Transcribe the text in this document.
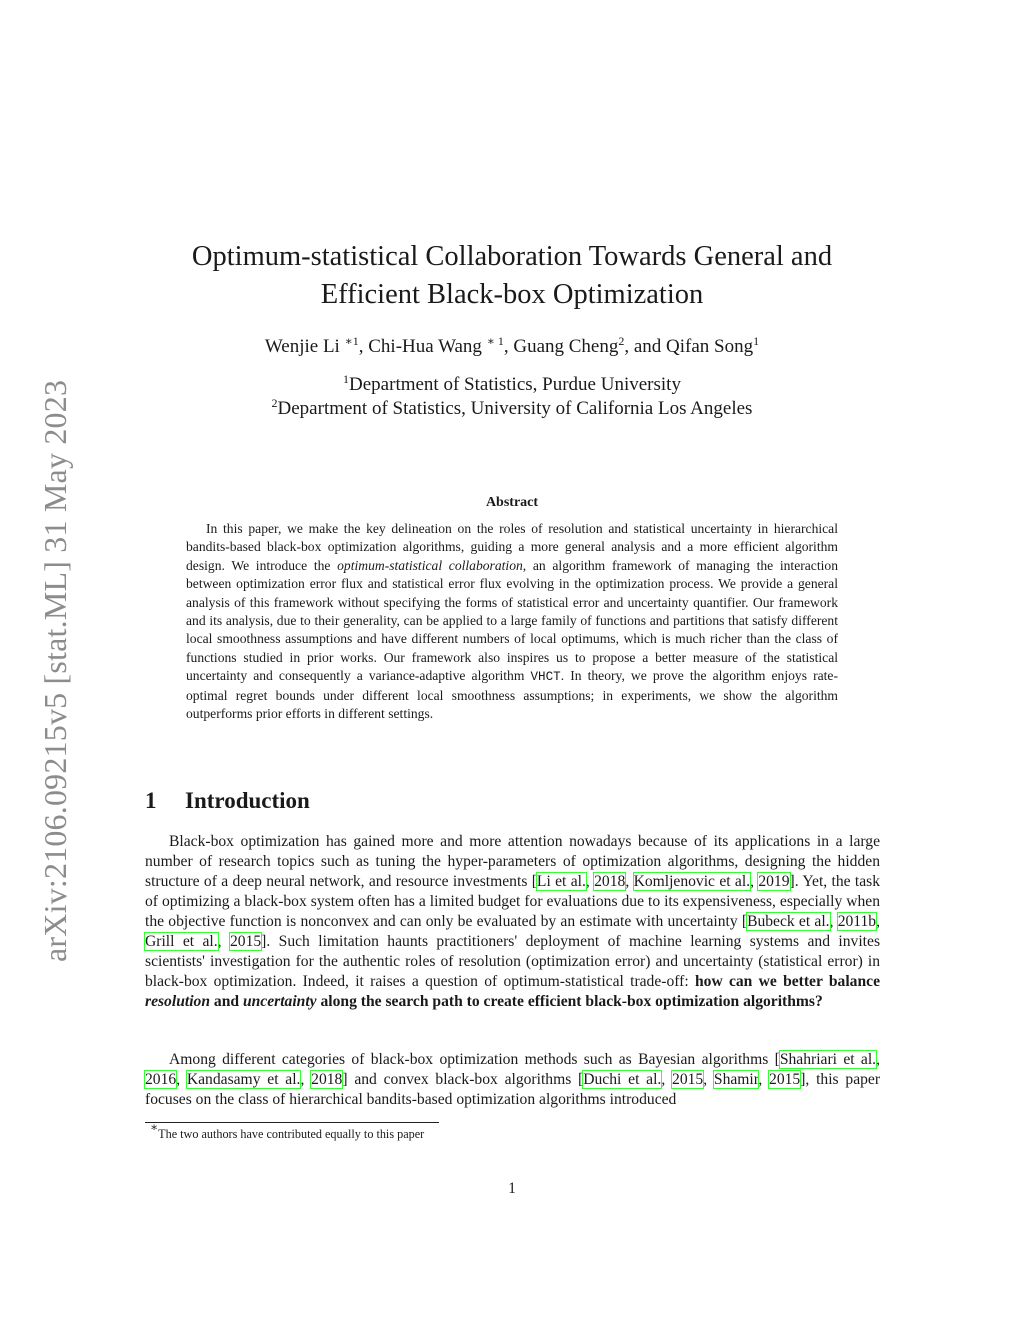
arXiv:2106.09215v5 [stat.ML] 31 May 2023
Optimum-statistical Collaboration Towards General and
Efficient Black-box Optimization

Wenjie Li $^{∗1}$, Chi-Hua Wang $^{∗ 1}$, Guang Cheng$^2$, and Qifan Song$^1$

$^1$Department of Statistics, Purdue University
$^2$Department of Statistics, University of California Los Angeles
Abstract

In this paper, we make the key delineation on the roles of resolution and statistical uncertainty in hierarchical bandits-based black-box optimization algorithms, guiding a more general analysis and a more efficient algorithm design. We introduce the optimum-statistical collaboration, an algorithm framework of managing the interaction between optimization error flux and statistical error flux evolving in the optimization process. We provide a general analysis of this framework without specifying the forms of statistical error and uncertainty quantifier. Our framework and its analysis, due to their generality, can be applied to a large family of functions and partitions that satisfy different local smoothness assumptions and have different numbers of local optimums, which is much richer than the class of functions studied in prior works. Our framework also inspires us to propose a better measure of the statistical uncertainty and consequently a variance-adaptive algorithm VHCT. In theory, we prove the algorithm enjoys rate-optimal regret bounds under different local smoothness assumptions; in experiments, we show the algorithm outperforms prior efforts in different settings.

1 Introduction

Black-box optimization has gained more and more attention nowadays because of its applications in a large number of research topics such as tuning the hyper-parameters of optimization algorithms, designing the hidden structure of a deep neural network, and resource investments [Li et al., 2018, Komljenovic et al., 2019]. Yet, the task of optimizing a black-box system often has a limited budget for evaluations due to its expensiveness, especially when the objective function is nonconvex and can only be evaluated by an estimate with uncertainty [Bubeck et al., 2011b, Grill et al., 2015]. Such limitation haunts practitioners' deployment of machine learning systems and invites scientists' investigation for the authentic roles of resolution (optimization error) and uncertainty (statistical error) in black-box optimization. Indeed, it raises a question of optimum-statistical trade-off: how can we better balance resolution and uncertainty along the search path to create efficient black-box optimization algorithms?

Among different categories of black-box optimization methods such as Bayesian algorithms [Shahriari et al., 2016, Kandasamy et al., 2018] and convex black-box algorithms [Duchi et al., 2015, Shamir, 2015], this paper focuses on the class of hierarchical bandits-based optimization algorithms introduced

∗The two authors have contributed equally to this paper

1
